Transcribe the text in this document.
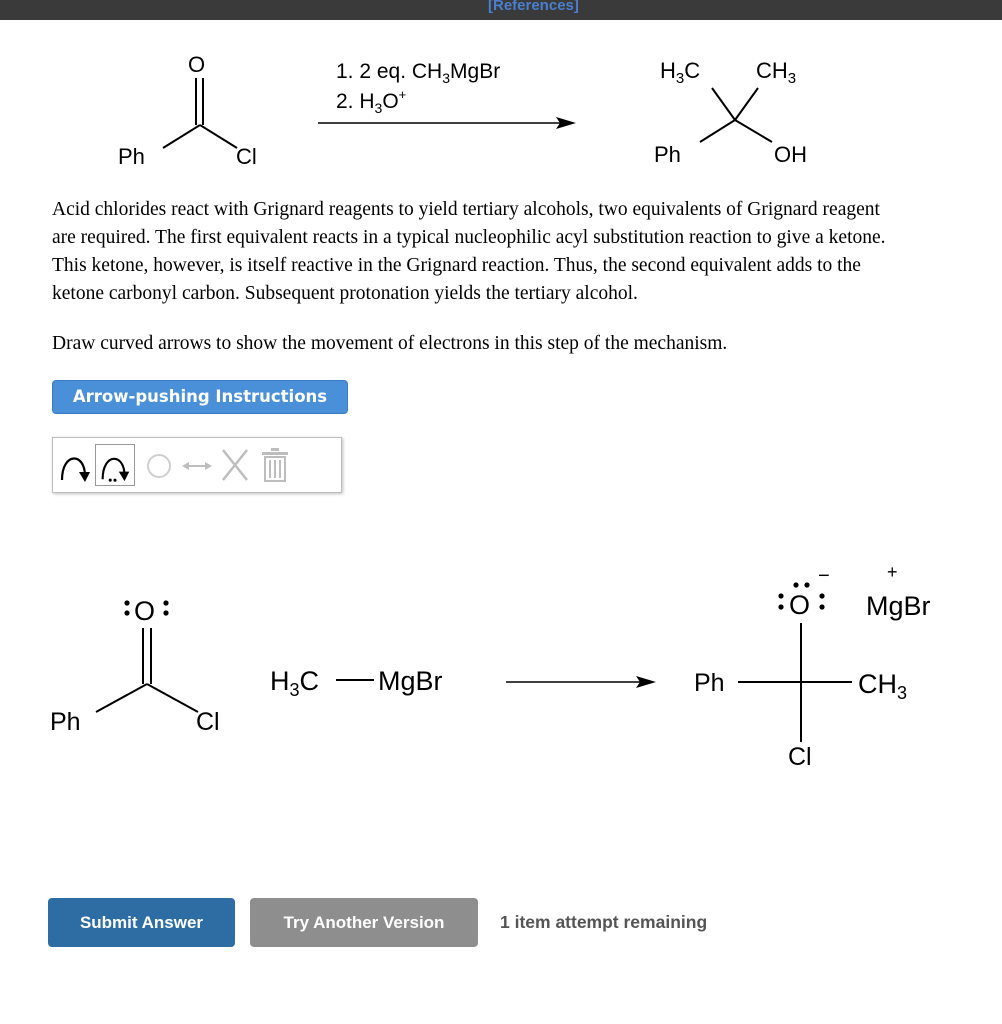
[References]
O
Ph	Cl
1. 2 eq. $CH_3MgBr$
2. $H_3O^+$
$H_3C$	$CH_3$
Ph	OH
O
Ph	Cl
$H_3C$ MgBr
O
−	+
MgBr
Ph	$CH_3$
Cl

Acid chlorides react with Grignard reagents to yield tertiary alcohols, two equivalents of Grignard reagent
are required. The first equivalent reacts in a typical nucleophilic acyl substitution reaction to give a ketone.
This ketone, however, is itself reactive in the Grignard reaction. Thus, the second equivalent adds to the
ketone carbonyl carbon. Subsequent protonation yields the tertiary alcohol.

Draw curved arrows to show the movement of electrons in this step of the mechanism.

Arrow-pushing Instructions
Submit Answer	Try Another Version	1 item attempt remaining
